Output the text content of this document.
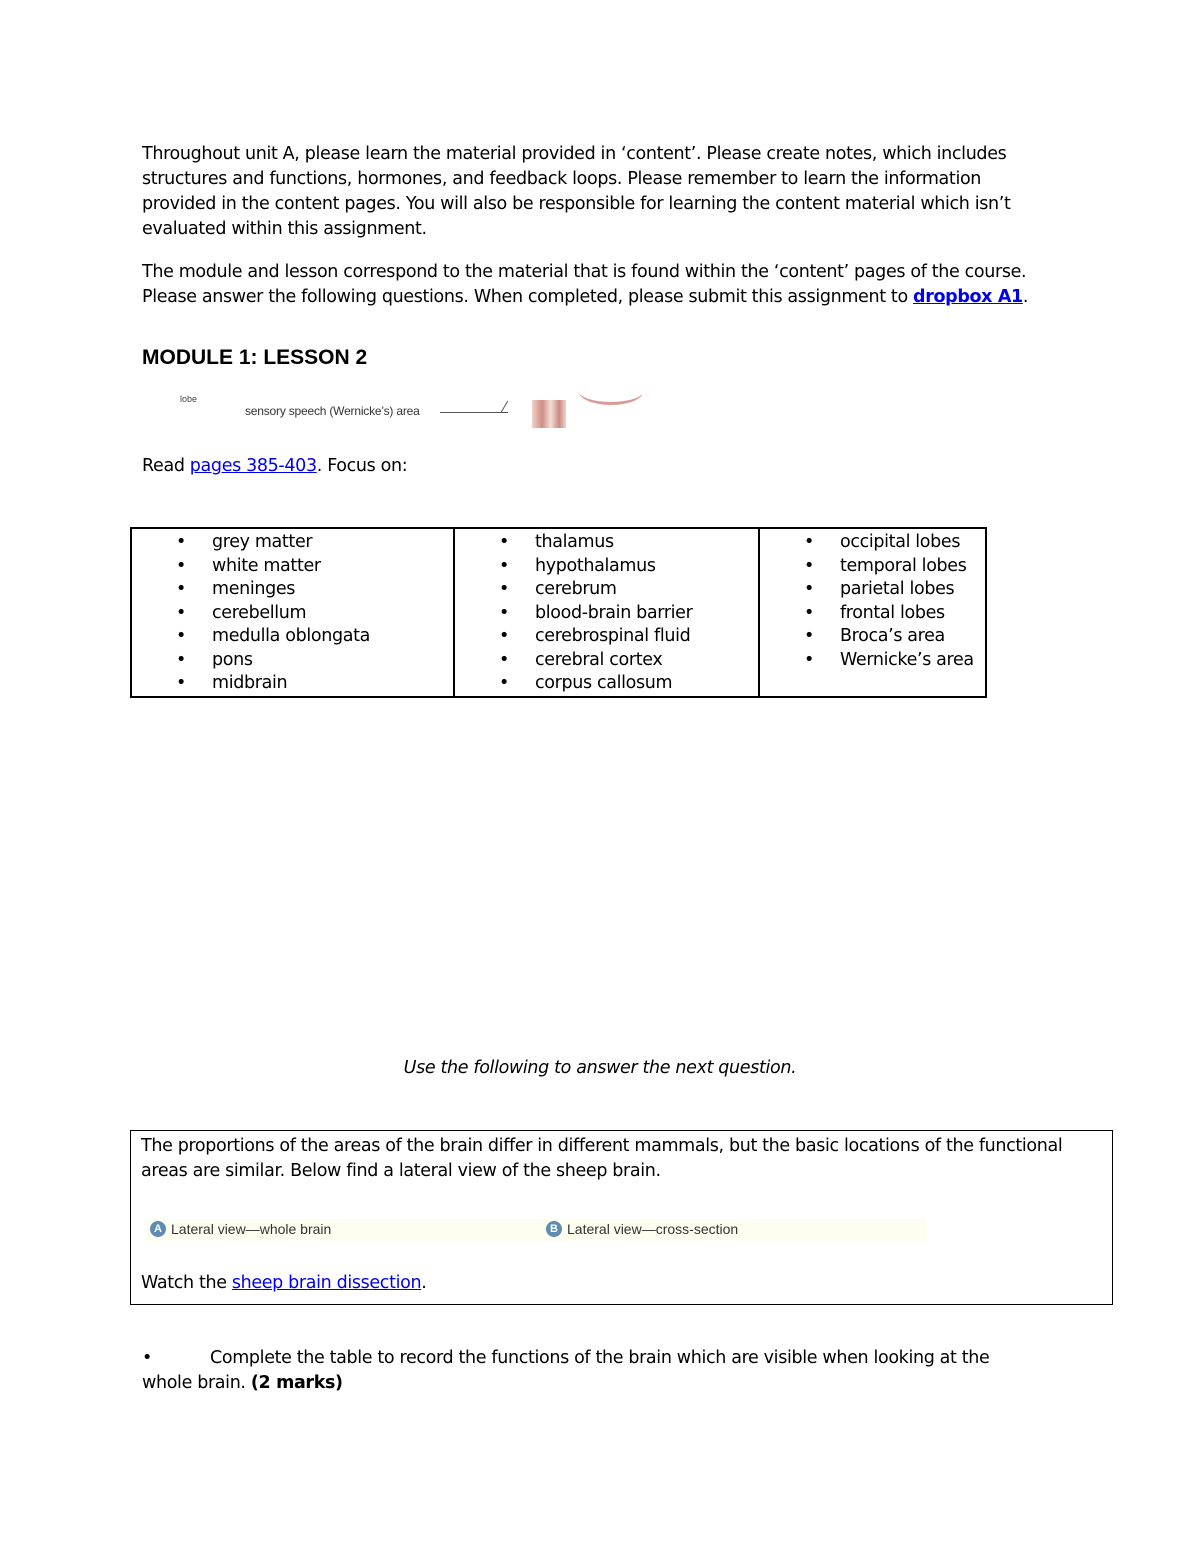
Throughout unit A, please learn the material provided in ‘content’. Please create notes, which includes
structures and functions, hormones, and feedback loops. Please remember to learn the information
provided in the content pages. You will also be responsible for learning the content material which isn’t
evaluated within this assignment.

The module and lesson correspond to the material that is found within the ‘content’ pages of the course.
Please answer the following questions. When completed, please submit this assignment to dropbox A1.

MODULE 1: LESSON 2
lobe
sensory speech (Wernicke’s) area

Read pages 385-403. Focus on:

• grey matter
• white matter
• meninges
• cerebellum
• medulla oblongata
• pons
• midbrain

• thalamus
• hypothalamus
• cerebrum
• blood-brain barrier
• cerebrospinal fluid
• cerebral cortex
• corpus callosum

• occipital lobes
• temporal lobes
• parietal lobes
• frontal lobes
• Broca’s area
• Wernicke’s area

Use the following to answer the next question.

The proportions of the areas of the brain differ in different mammals, but the basic locations of the functional
areas are similar. Below find a lateral view of the sheep brain.

A Lateral view—whole brain	B Lateral view—cross-section

Watch the sheep brain dissection.

•	Complete the table to record the functions of the brain which are visible when looking at the
whole brain. (2 marks)
